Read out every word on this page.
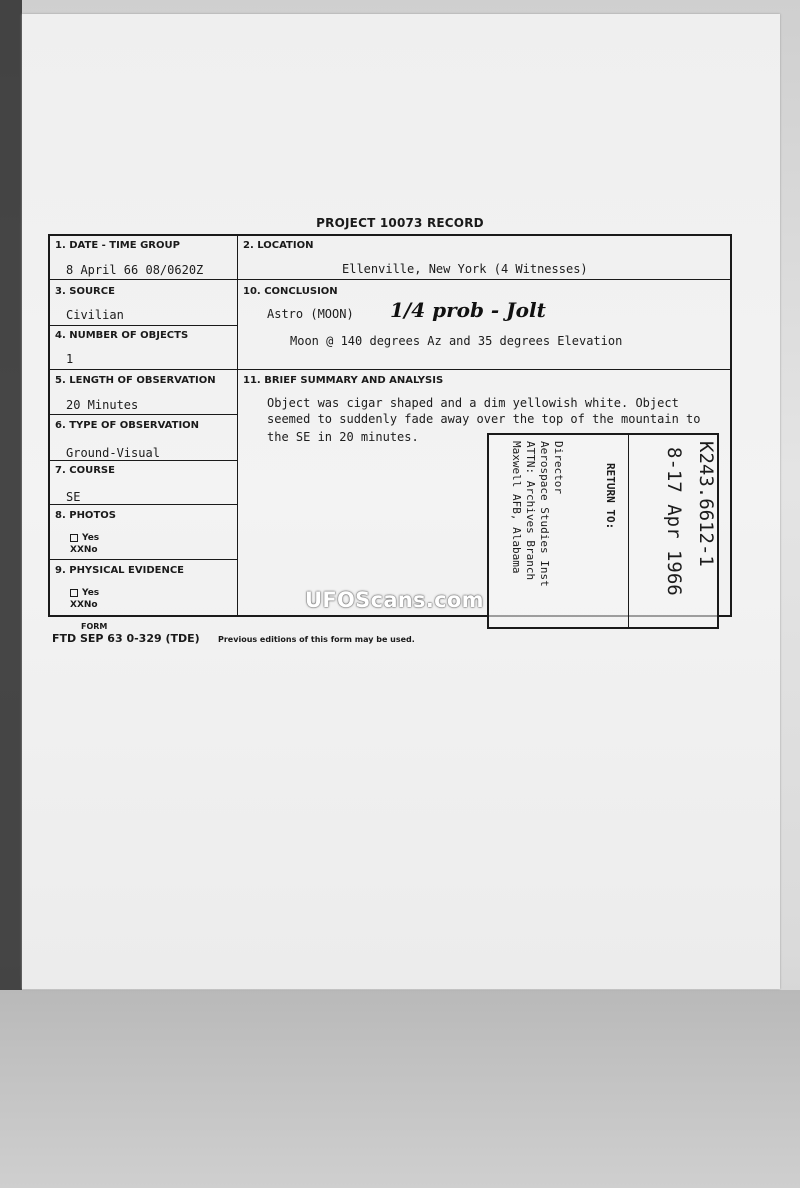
PROJECT 10073 RECORD
1. DATE - TIME GROUP
8 April 66 08/0620Z
3. SOURCE
Civilian
4. NUMBER OF OBJECTS
1
5. LENGTH OF OBSERVATION
20 Minutes
6. TYPE OF OBSERVATION
Ground-Visual
7. COURSE
SE
8. PHOTOS
Yes
XXNo
9. PHYSICAL EVIDENCE
Yes
XXNo
2. LOCATION
Ellenville, New York (4 Witnesses)
10. CONCLUSION
Astro (MOON) 1/4 prob - Jolt
Moon @ 140 degrees Az and 35 degrees Elevation
11. BRIEF SUMMARY AND ANALYSIS
Object was cigar shaped and a dim yellowish white. Object
seemed to suddenly fade away over the top of the mountain to
the SE in 20 minutes.
Director
Aerospace Studies Inst
ATTN: Archives Branch
Maxwell AFB, Alabama	RETURN TO:	K243.6612-1
8-17 Apr 1966
UFOScans.com
FORM
FTD SEP 63 0-329 (TDE) Previous editions of this form may be used.
